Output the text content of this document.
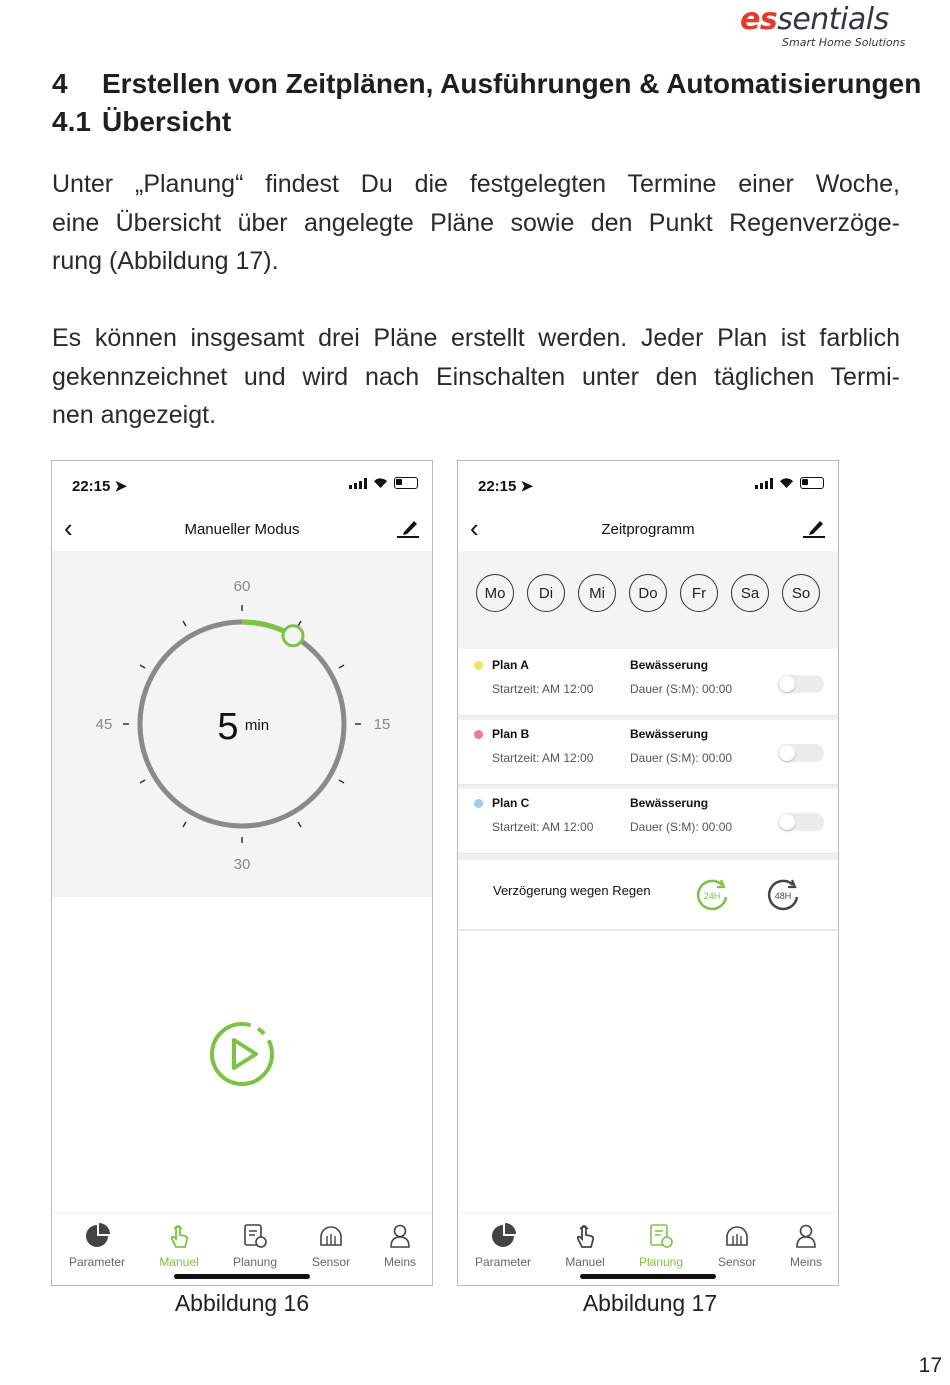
essentials
Smart Home Solutions
4 Erstellen von Zeitplänen, Ausführungen & Automatisierungen
4.1 Übersicht
Unter „Planung“ findest Du die festgelegten Termine einer Woche,
eine Übersicht über angelegte Pläne sowie den Punkt Regenverzöge-
rung (Abbildung 17).
Es können insgesamt drei Pläne erstellt werden. Jeder Plan ist farblich
gekennzeichnet und wird nach Einschalten unter den täglichen Termi-
nen angezeigt.
22:15 ➤
‹	Manueller Modus
60
15
30
45	5 min
Parameter	Manuel	Planung	Sensor	Meins
Abbildung 16
22:15 ➤
‹	Zeitprogramm
Mo	Di	Mi	Do	Fr	Sa	So
Plan A
Startzeit: AM 12:00
Bewässerung
Dauer (S:M): 00:00
Plan B
Startzeit: AM 12:00
Bewässerung
Dauer (S:M): 00:00
Plan C
Startzeit: AM 12:00
Bewässerung
Dauer (S:M): 00:00
Verzögerung wegen Regen	24H	48H
Parameter	Manuel	Planung	Sensor	Meins
Abbildung 17
17
